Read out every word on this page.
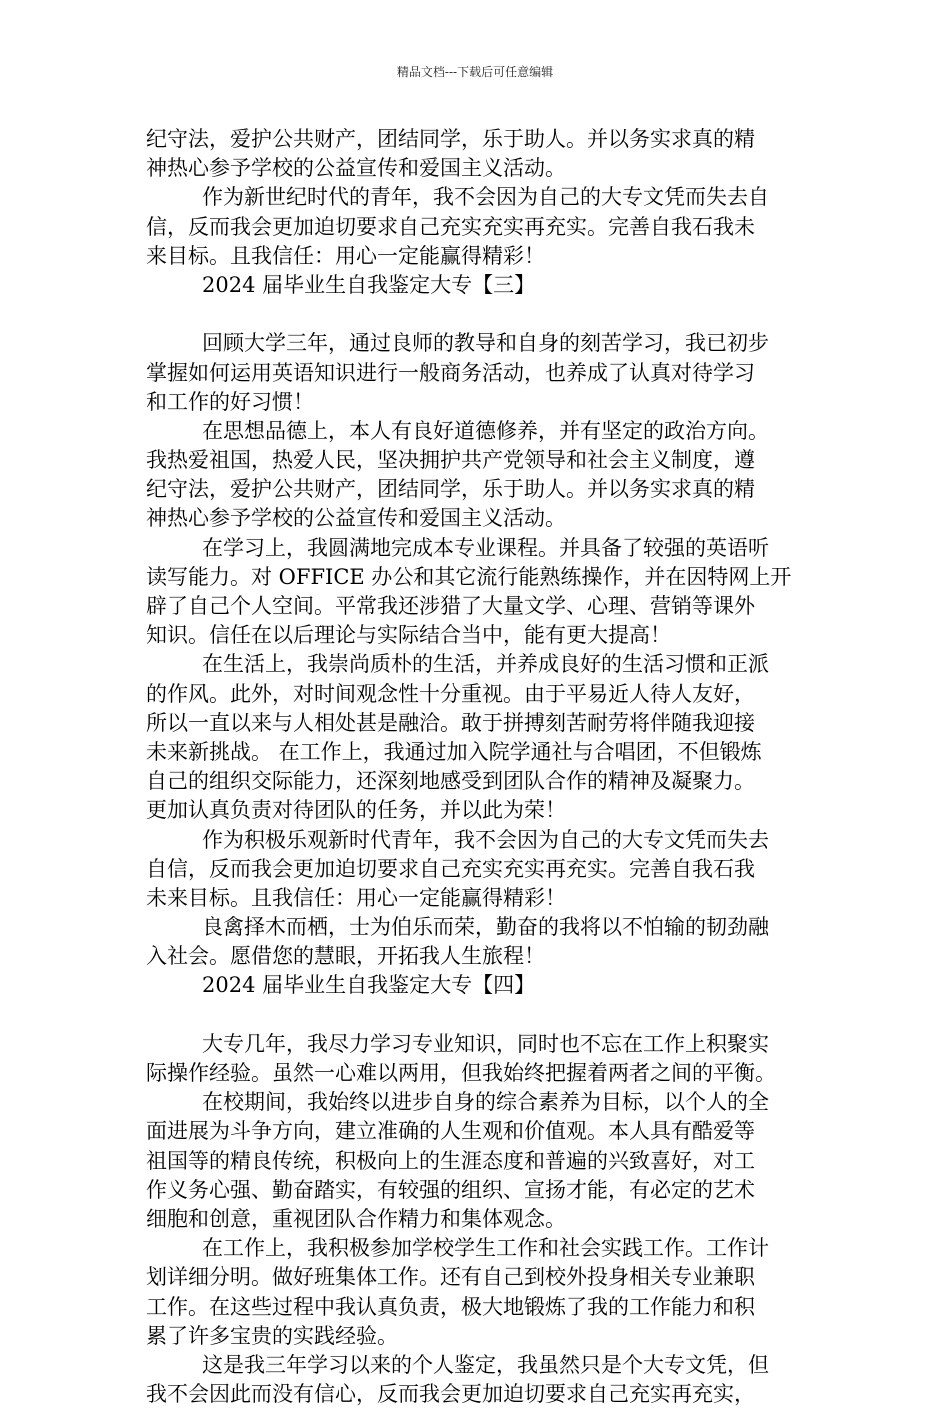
精品文档---下载后可任意编辑
纪守法，爱护公共财产，团结同学，乐于助人。并以务实求真的精
神热心参予学校的公益宣传和爱国主义活动。
作为新世纪时代的青年，我不会因为自己的大专文凭而失去自
信，反而我会更加迫切要求自己充实充实再充实。完善自我石我未
来目标。且我信任：用心一定能赢得精彩！
2024 届毕业生自我鉴定大专【三】
回顾大学三年，通过良师的教导和自身的刻苦学习，我已初步
掌握如何运用英语知识进行一般商务活动，也养成了认真对待学习
和工作的好习惯！
在思想品德上，本人有良好道德修养，并有坚定的政治方向。
我热爱祖国，热爱人民，坚决拥护共产党领导和社会主义制度，遵
纪守法，爱护公共财产，团结同学，乐于助人。并以务实求真的精
神热心参予学校的公益宣传和爱国主义活动。
在学习上，我圆满地完成本专业课程。并具备了较强的英语听
读写能力。对 OFFICE 办公和其它流行能熟练操作，并在因特网上开
辟了自己个人空间。平常我还涉猎了大量文学、心理、营销等课外
知识。信任在以后理论与实际结合当中，能有更大提高！
在生活上，我崇尚质朴的生活，并养成良好的生活习惯和正派
的作风。此外，对时间观念性十分重视。由于平易近人待人友好，
所以一直以来与人相处甚是融洽。敢于拼搏刻苦耐劳将伴随我迎接
未来新挑战。 在工作上，我通过加入院学通社与合唱团，不但锻炼
自己的组织交际能力，还深刻地感受到团队合作的精神及凝聚力。
更加认真负责对待团队的任务，并以此为荣！
作为积极乐观新时代青年，我不会因为自己的大专文凭而失去
自信，反而我会更加迫切要求自己充实充实再充实。完善自我石我
未来目标。且我信任：用心一定能赢得精彩！
良禽择木而栖，士为伯乐而荣，勤奋的我将以不怕输的韧劲融
入社会。愿借您的慧眼，开拓我人生旅程！
2024 届毕业生自我鉴定大专【四】
大专几年，我尽力学习专业知识，同时也不忘在工作上积聚实
际操作经验。虽然一心难以两用，但我始终把握着两者之间的平衡。
在校期间，我始终以进步自身的综合素养为目标，以个人的全
面进展为斗争方向，建立准确的人生观和价值观。本人具有酷爱等
祖国等的精良传统，积极向上的生涯态度和普遍的兴致喜好，对工
作义务心强、勤奋踏实，有较强的组织、宣扬才能，有必定的艺术
细胞和创意，重视团队合作精力和集体观念。
在工作上，我积极参加学校学生工作和社会实践工作。工作计
划详细分明。做好班集体工作。还有自己到校外投身相关专业兼职
工作。在这些过程中我认真负责，极大地锻炼了我的工作能力和积
累了许多宝贵的实践经验。
这是我三年学习以来的个人鉴定，我虽然只是个大专文凭，但
我不会因此而没有信心，反而我会更加迫切要求自己充实再充实，
